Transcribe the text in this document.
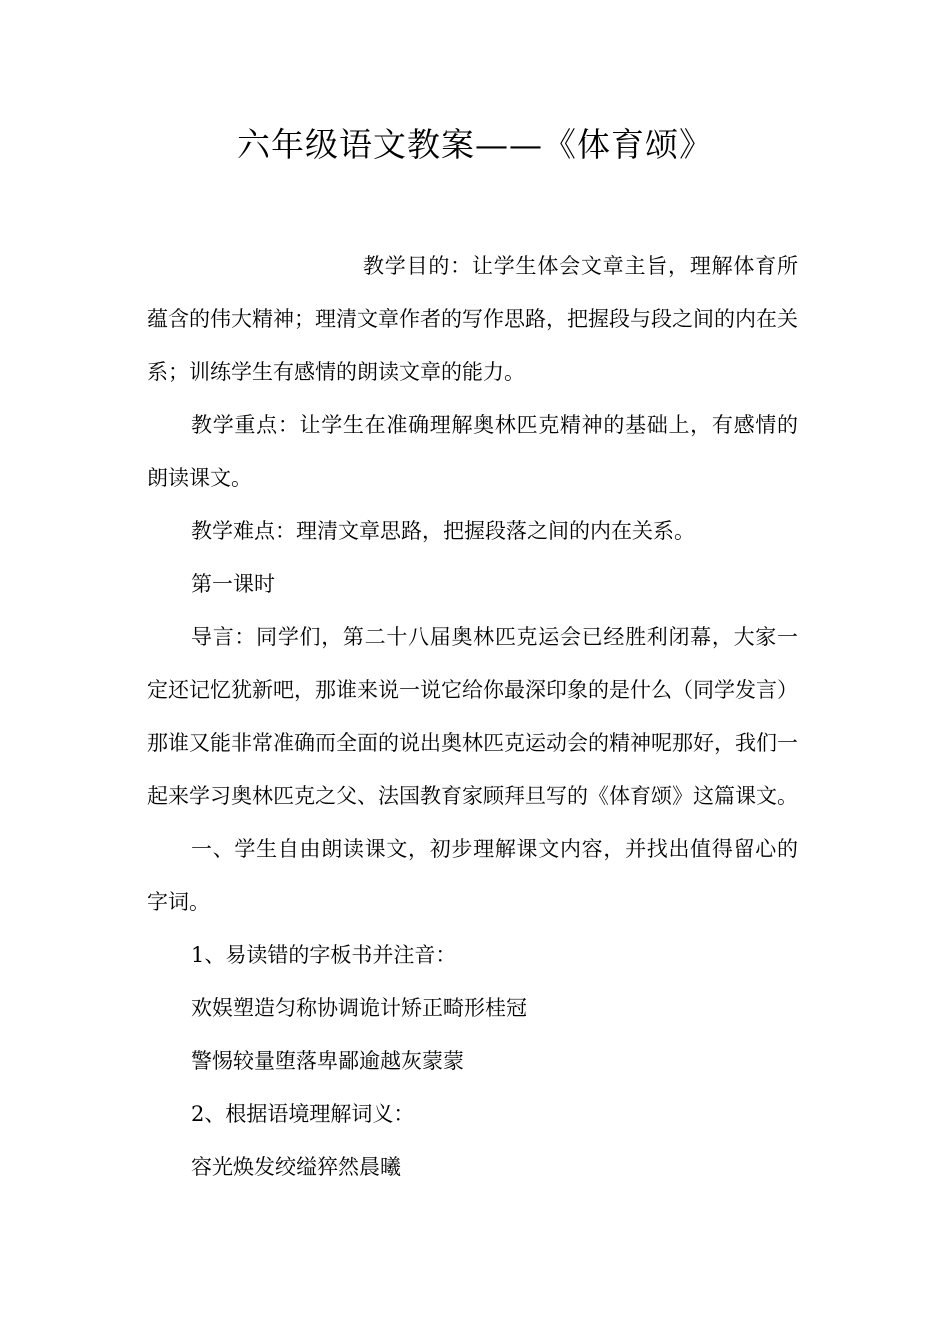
六年级语文教案——《体育颂》

教学目的：让学生体会文章主旨，理解体育所蕴含的伟大精神；理清文章作者的写作思路，把握段与段之间的内在关系；训练学生有感情的朗读文章的能力。

教学重点：让学生在准确理解奥林匹克精神的基础上，有感情的朗读课文。

教学难点：理清文章思路，把握段落之间的内在关系。

第一课时

导言：同学们，第二十八届奥林匹克运会已经胜利闭幕，大家一定还记忆犹新吧，那谁来说一说它给你最深印象的是什么（同学发言）那谁又能非常准确而全面的说出奥林匹克运动会的精神呢那好，我们一起来学习奥林匹克之父、法国教育家顾拜旦写的《体育颂》这篇课文。

一、学生自由朗读课文，初步理解课文内容，并找出值得留心的字词。

1、易读错的字板书并注音：

欢娱塑造匀称协调诡计矫正畸形桂冠

警惕较量堕落卑鄙逾越灰蒙蒙

2、根据语境理解词义：

容光焕发绞缢猝然晨曦
